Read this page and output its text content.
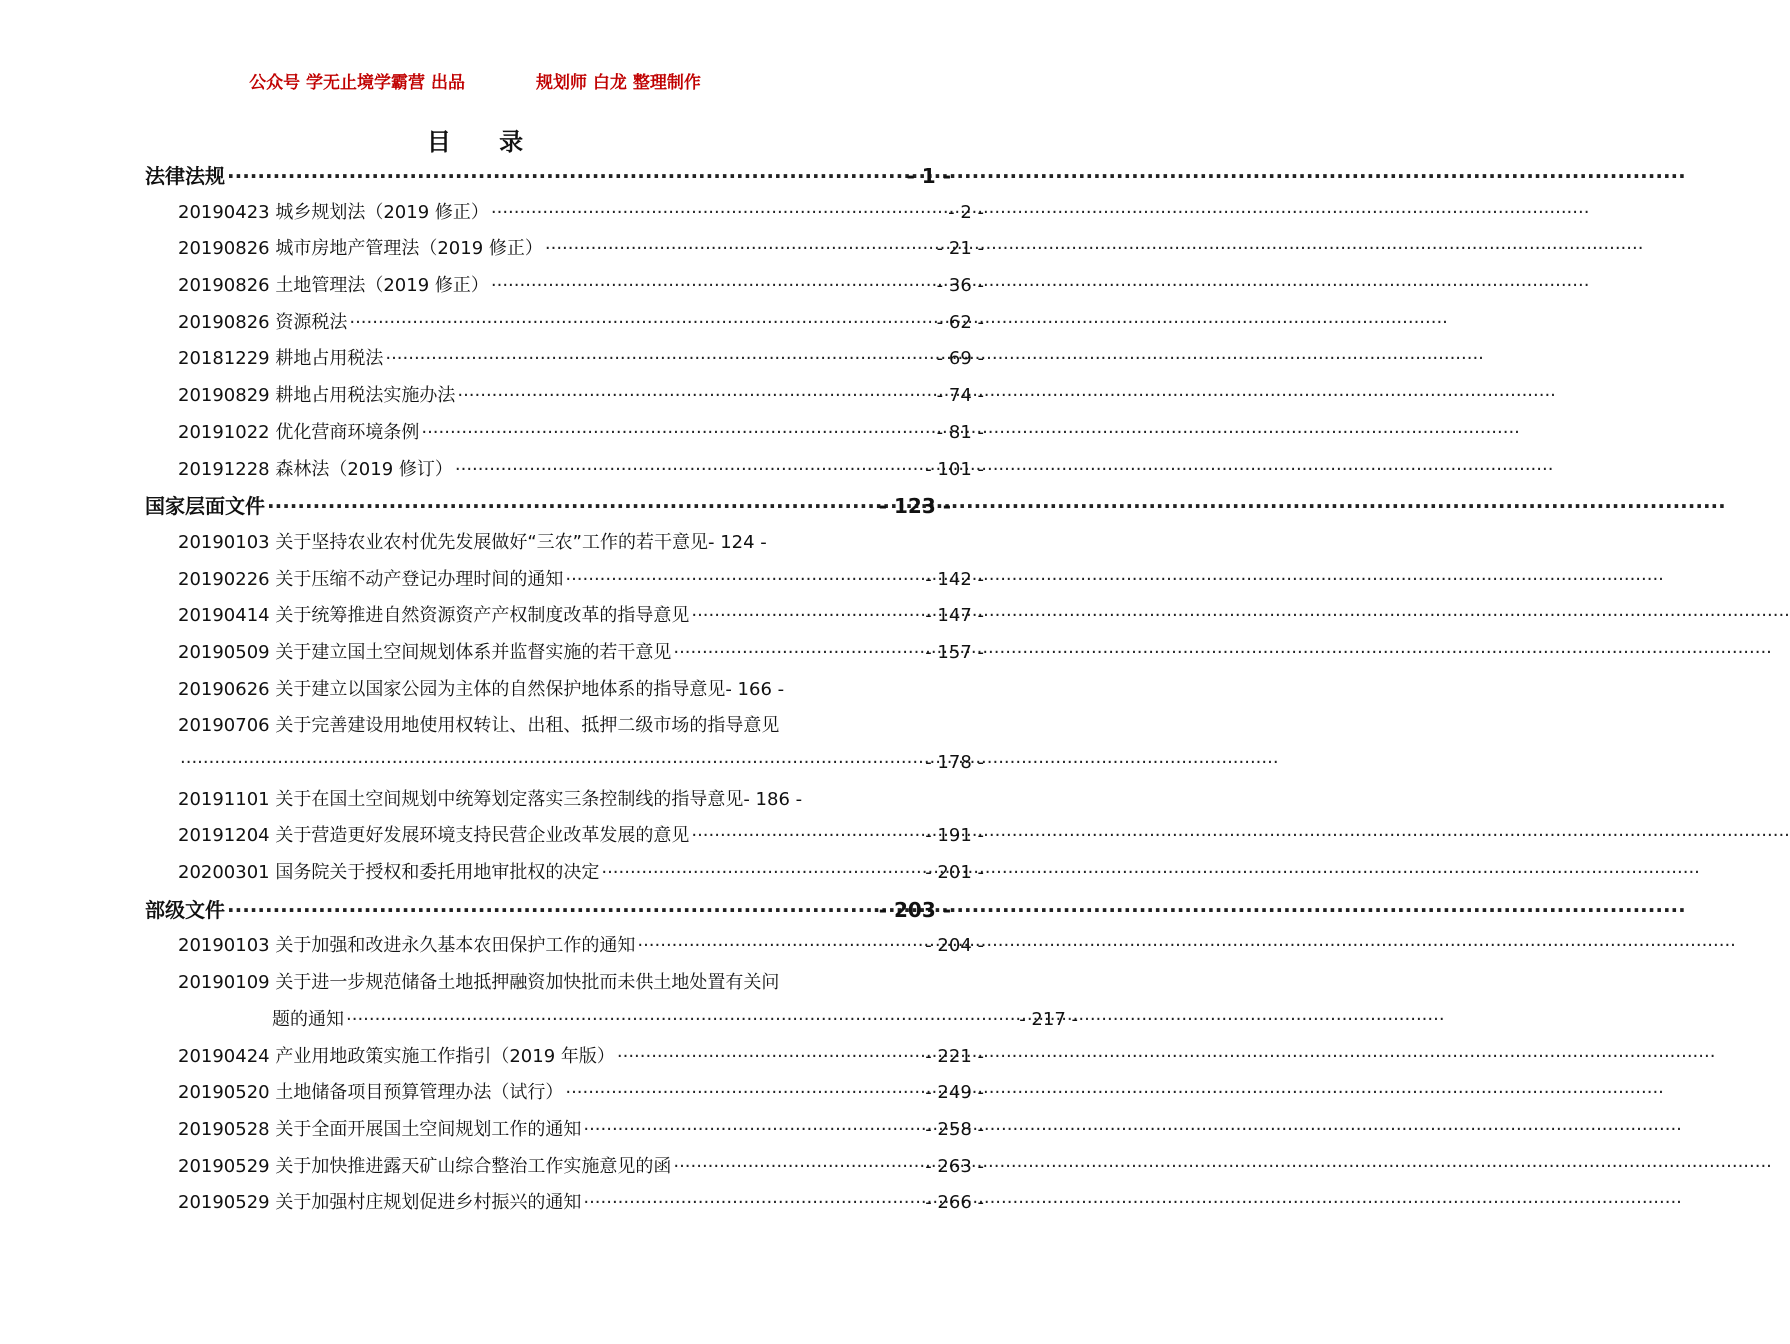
公众号 学无止境学霸营 出品	规划师 白龙 整理制作
目 录
法律法规 ·····	- 1 -
20190423 城乡规划法（2019 修正） ·····	- 2 -
20190826 城市房地产管理法（2019 修正） ·····	- 21 -
20190826 土地管理法（2019 修正） ·····	- 36 -
20190826 资源税法 ·····	- 62 -
20181229 耕地占用税法 ·····	- 69 -
20190829 耕地占用税法实施办法 ·····	- 74 -
20191022 优化营商环境条例 ·····	- 81 -
20191228 森林法（2019 修订） ·····	- 101 -
国家层面文件 ·····	- 123 -
20190103 关于坚持农业农村优先发展做好“三农”工作的若干意见 - 124 -
20190226 关于压缩不动产登记办理时间的通知 ·····	- 142 -
20190414 关于统筹推进自然资源资产产权制度改革的指导意见 ·····	- 147 -
20190509 关于建立国土空间规划体系并监督实施的若干意见 ·····	- 157 -
20190626 关于建立以国家公园为主体的自然保护地体系的指导意见 - 166 -
20190706 关于完善建设用地使用权转让、出租、抵押二级市场的指导意见
·····
- 178 -
20191101 关于在国土空间规划中统筹划定落实三条控制线的指导意见 - 186 -
20191204 关于营造更好发展环境支持民营企业改革发展的意见 ·····	- 191 -
20200301 国务院关于授权和委托用地审批权的决定 ·····	- 201 -
部级文件 ·····	- 203 -
20190103 关于加强和改进永久基本农田保护工作的通知 ·····	- 204 -
20190109 关于进一步规范储备土地抵押融资加快批而未供土地处置有关问
题的通知 ·····	- 217 -
20190424 产业用地政策实施工作指引（2019 年版） ·····	- 221 -
20190520 土地储备项目预算管理办法（试行） ·····	- 249 -
20190528 关于全面开展国土空间规划工作的通知 ·····	- 258 -
20190529 关于加快推进露天矿山综合整治工作实施意见的函 ·····	- 263 -
20190529 关于加强村庄规划促进乡村振兴的通知 ·····	- 266 -
